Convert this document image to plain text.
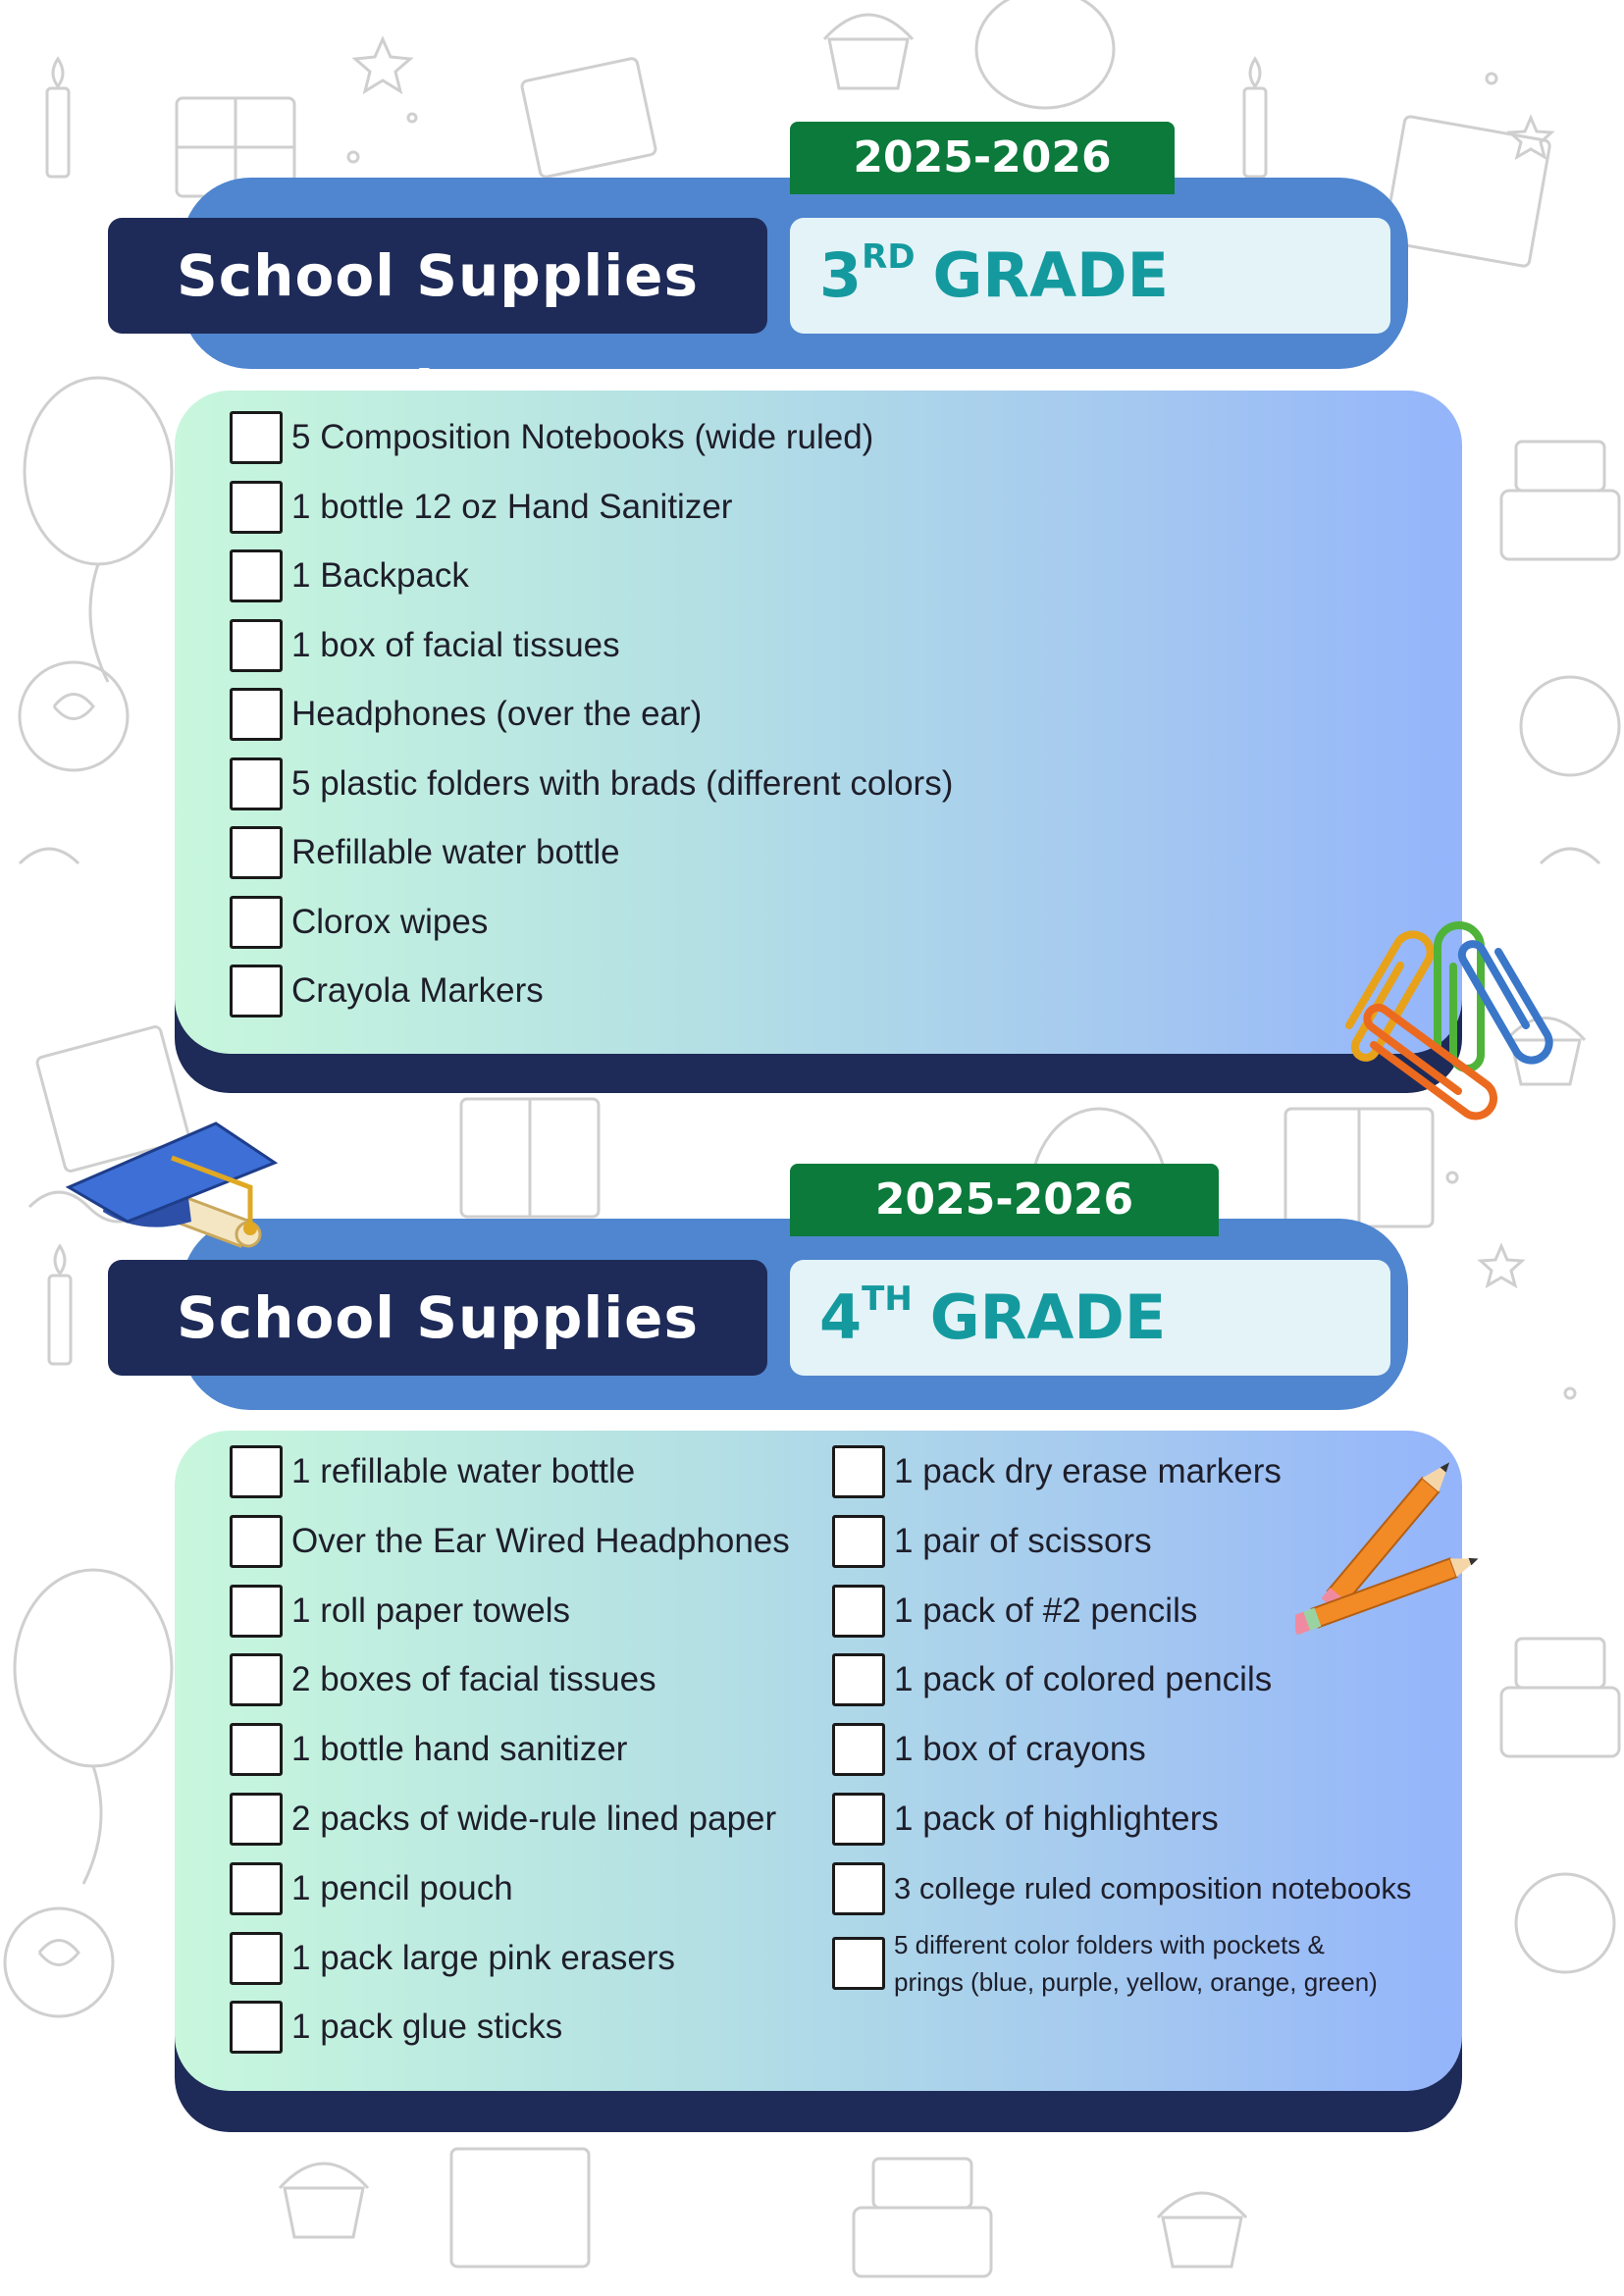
2025-2026
School Supplies	3RD GRADE
5 Composition Notebooks (wide ruled)
1 bottle 12 oz Hand Sanitizer
1 Backpack
1 box of facial tissues
Headphones (over the ear)
5 plastic folders with brads (different colors)
Refillable water bottle
Clorox wipes
Crayola Markers
2025-2026
School Supplies	4TH GRADE
1 refillable water bottle
Over the Ear Wired Headphones
1 roll paper towels
2 boxes of facial tissues
1 bottle hand sanitizer
2 packs of wide-rule lined paper
1 pencil pouch
1 pack large pink erasers
1 pack glue sticks
1 pack dry erase markers
1 pair of scissors
1 pack of #2 pencils
1 pack of colored pencils
1 box of crayons
1 pack of highlighters
3 college ruled composition notebooks
5 different color folders with pockets & prings (blue, purple, yellow, orange, green)
